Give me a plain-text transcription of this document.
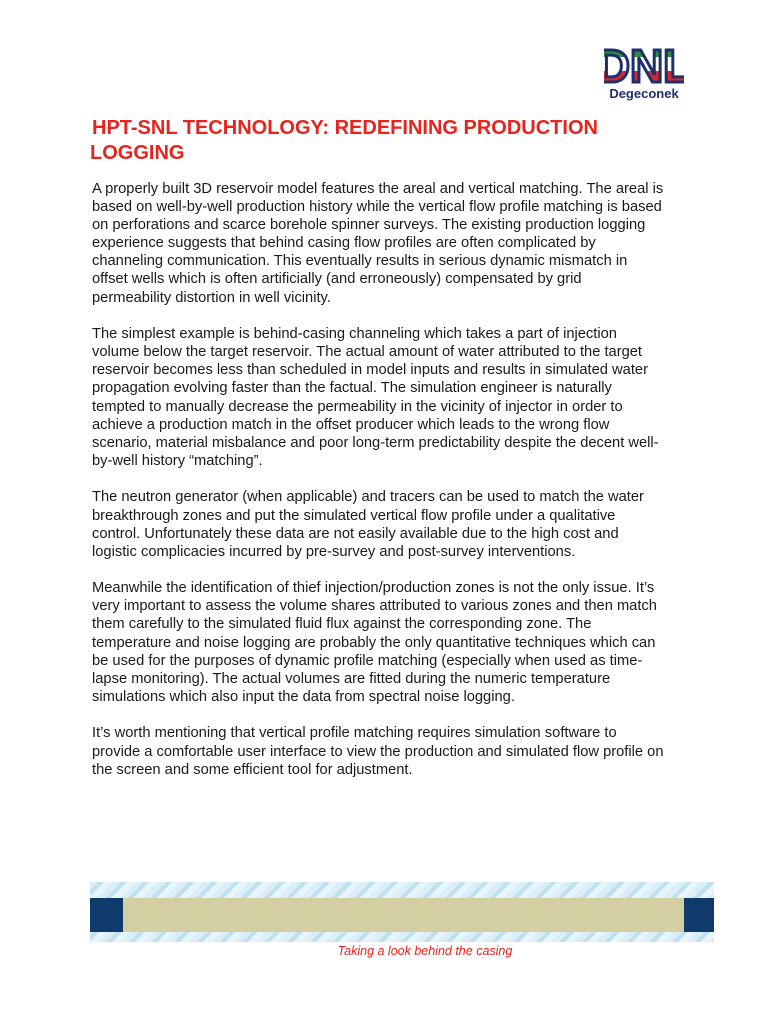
DNL
Degeconek
HPT-SNL TECHNOLOGY: REDEFINING PRODUCTION
LOGGING

A properly built 3D reservoir model features the areal and vertical matching. The areal is
based on well-by-well production history while the vertical flow profile matching is based
on perforations and scarce borehole spinner surveys. The existing production logging
experience suggests that behind casing flow profiles are often complicated by
channeling communication. This eventually results in serious dynamic mismatch in
offset wells which is often artificially (and erroneously) compensated by grid
permeability distortion in well vicinity.

The simplest example is behind-casing channeling which takes a part of injection
volume below the target reservoir. The actual amount of water attributed to the target
reservoir becomes less than scheduled in model inputs and results in simulated water
propagation evolving faster than the factual. The simulation engineer is naturally
tempted to manually decrease the permeability in the vicinity of injector in order to
achieve a production match in the offset producer which leads to the wrong flow
scenario, material misbalance and poor long-term predictability despite the decent well-
by-well history “matching”.

The neutron generator (when applicable) and tracers can be used to match the water
breakthrough zones and put the simulated vertical flow profile under a qualitative
control. Unfortunately these data are not easily available due to the high cost and
logistic complicacies incurred by pre-survey and post-survey interventions.

Meanwhile the identification of thief injection/production zones is not the only issue. It’s
very important to assess the volume shares attributed to various zones and then match
them carefully to the simulated fluid flux against the corresponding zone. The
temperature and noise logging are probably the only quantitative techniques which can
be used for the purposes of dynamic profile matching (especially when used as time-
lapse monitoring). The actual volumes are fitted during the numeric temperature
simulations which also input the data from spectral noise logging.

It’s worth mentioning that vertical profile matching requires simulation software to
provide a comfortable user interface to view the production and simulated flow profile on
the screen and some efficient tool for adjustment.

Taking a look behind the casing
